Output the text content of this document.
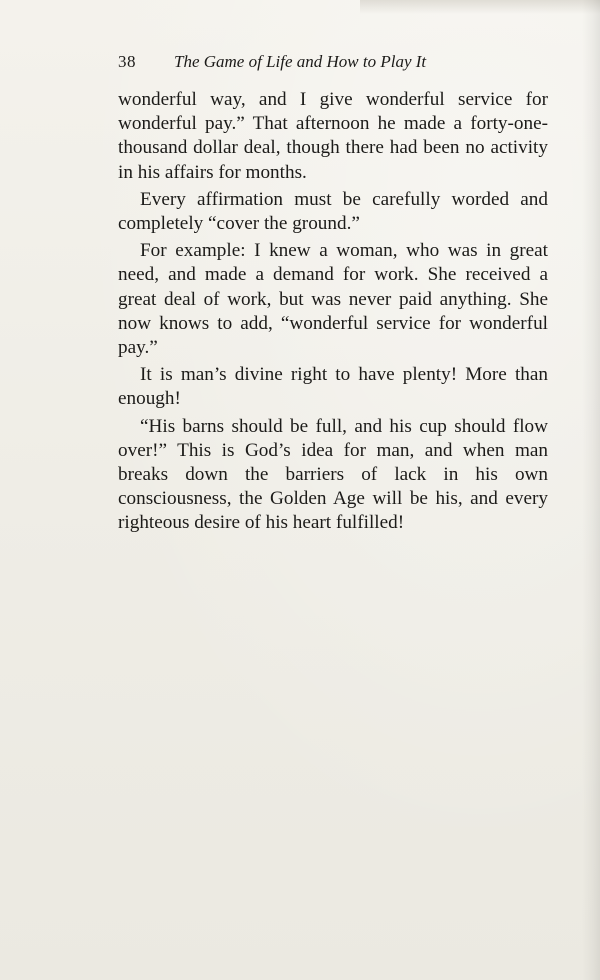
38 The Game of Life and How to Play It

wonderful way, and I give wonderful service for wonderful pay.” That afternoon he made a forty-one-thousand dollar deal, though there had been no activity in his affairs for months.

Every affirmation must be carefully worded and completely “cover the ground.”

For example: I knew a woman, who was in great need, and made a demand for work. She received a great deal of work, but was never paid anything. She now knows to add, “wonderful service for wonderful pay.”

It is man’s divine right to have plenty! More than enough!

“His barns should be full, and his cup should flow over!” This is God’s idea for man, and when man breaks down the barriers of lack in his own consciousness, the Golden Age will be his, and every righteous desire of his heart fulfilled!
